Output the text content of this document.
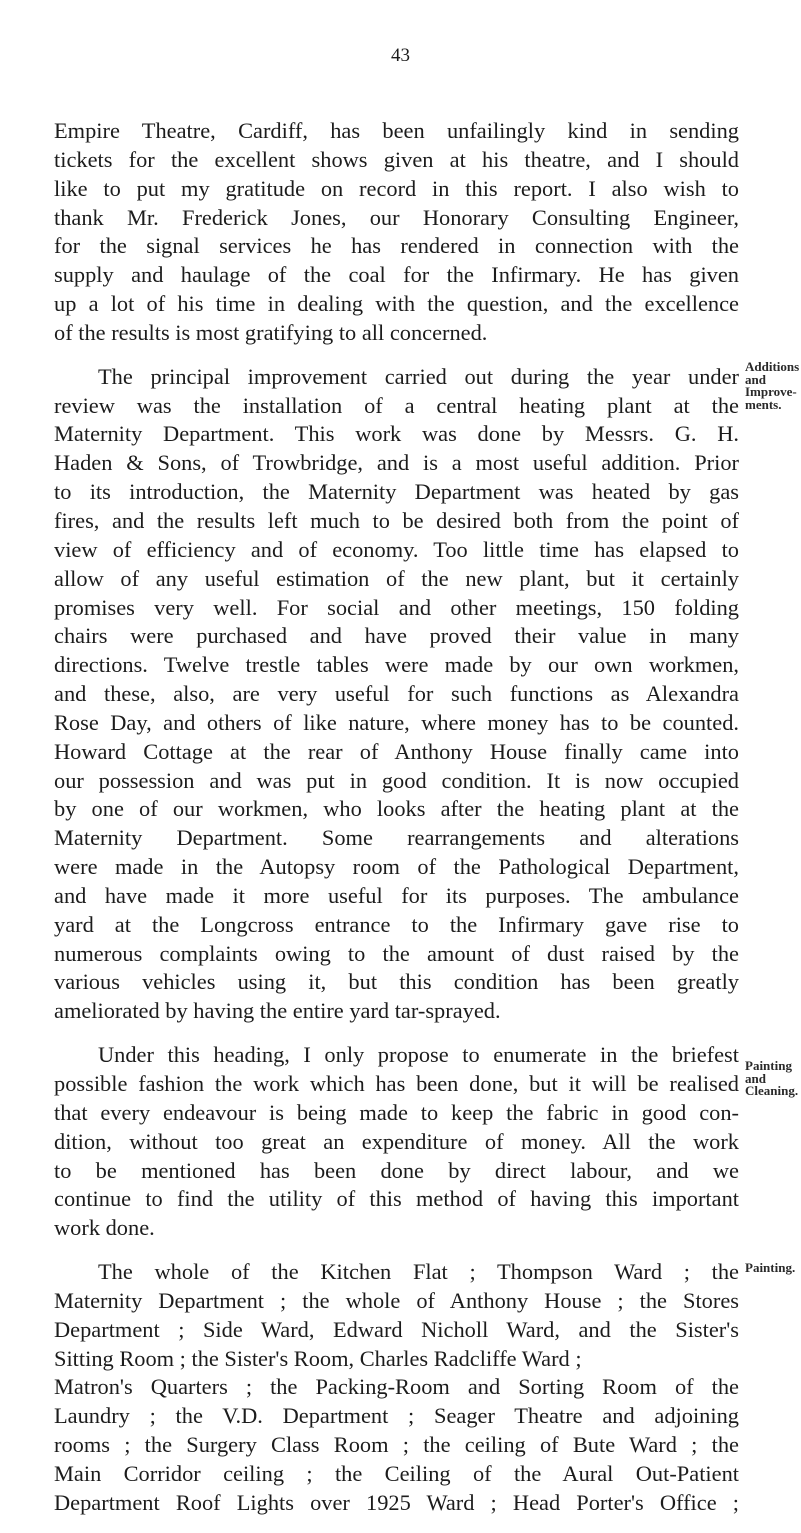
43

Empire Theatre, Cardiff, has been unfailingly kind in sending
tickets for the excellent shows given at his theatre, and I should
like to put my gratitude on record in this report. I also wish to
thank Mr. Frederick Jones, our Honorary Consulting Engineer,
for the signal services he has rendered in connection with the
supply and haulage of the coal for the Infirmary. He has given
up a lot of his time in dealing with the question, and the excellence
of the results is most gratifying to all concerned.

The principal improvement carried out during the year under
review was the installation of a central heating plant at the
Maternity Department. This work was done by Messrs. G. H.
Haden & Sons, of Trowbridge, and is a most useful addition. Prior
to its introduction, the Maternity Department was heated by gas
fires, and the results left much to be desired both from the point of
view of efficiency and of economy. Too little time has elapsed to
allow of any useful estimation of the new plant, but it certainly
promises very well. For social and other meetings, 150 folding
chairs were purchased and have proved their value in many
directions. Twelve trestle tables were made by our own workmen,
and these, also, are very useful for such functions as Alexandra
Rose Day, and others of like nature, where money has to be counted.
Howard Cottage at the rear of Anthony House finally came into
our possession and was put in good condition. It is now occupied
by one of our workmen, who looks after the heating plant at the
Maternity Department. Some rearrangements and alterations
were made in the Autopsy room of the Pathological Department,
and have made it more useful for its purposes. The ambulance
yard at the Longcross entrance to the Infirmary gave rise to
numerous complaints owing to the amount of dust raised by the
various vehicles using it, but this condition has been greatly
ameliorated by having the entire yard tar-sprayed.

Under this heading, I only propose to enumerate in the briefest
possible fashion the work which has been done, but it will be realised
that every endeavour is being made to keep the fabric in good con-
dition, without too great an expenditure of money. All the work
to be mentioned has been done by direct labour, and we
continue to find the utility of this method of having this important
work done.

The whole of the Kitchen Flat ; Thompson Ward ; the
Maternity Department ; the whole of Anthony House ; the Stores
Department ; Side Ward, Edward Nicholl Ward, and the Sister's
Sitting Room ; the Sister's Room, Charles Radcliffe Ward ;
Matron's Quarters ; the Packing-Room and Sorting Room of the
Laundry ; the V.D. Department ; Seager Theatre and adjoining
rooms ; the Surgery Class Room ; the ceiling of Bute Ward ; the
Main Corridor ceiling ; the Ceiling of the Aural Out-Patient
Department Roof Lights over 1925 Ward ; Head Porter's Office ;

Additions
and
Improve-
ments.
Painting
and
Cleaning.
Painting.
